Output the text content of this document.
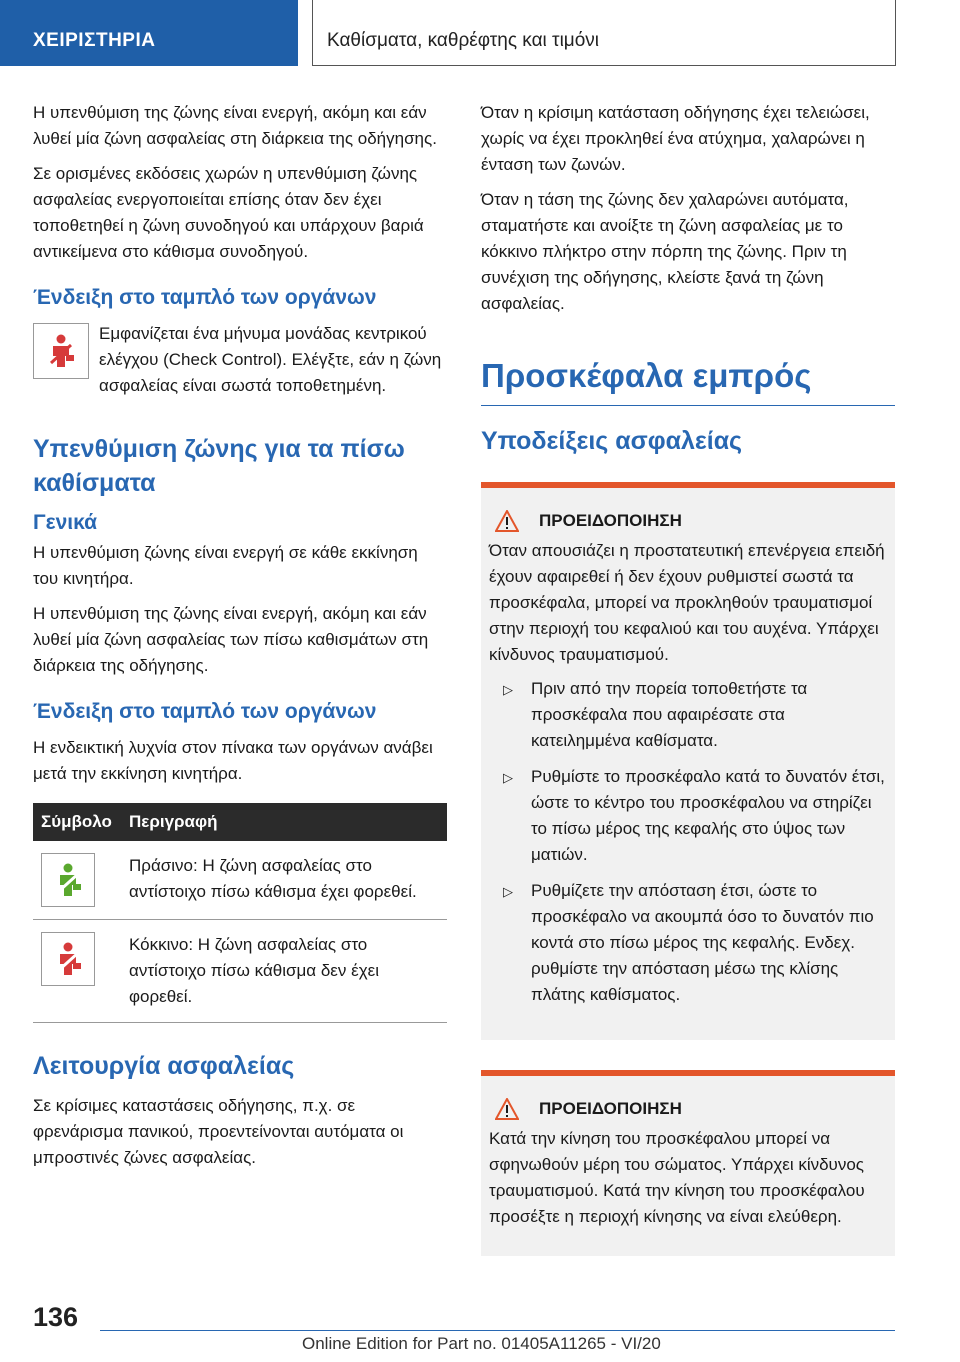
ΧΕΙΡΙΣΤΗΡΙΑ	Καθίσματα, καθρέφτης και τιμόνι

Η υπενθύμιση της ζώνης είναι ενεργή, ακόμη και εάν λυθεί μία ζώνη ασφαλείας στη διάρκεια της οδήγησης.

Σε ορισμένες εκδόσεις χωρών η υπενθύμιση ζώνης ασφαλείας ενεργοποιείται επίσης όταν δεν έχει τοποθετηθεί η ζώνη συνοδηγού και υπάρχουν βαριά αντικείμενα στο κάθισμα συνοδηγού.

Ένδειξη στο ταμπλό των οργάνων

Εμφανίζεται ένα μήνυμα μονάδας κεντρικού ελέγχου (Check Control). Ελέγξτε, εάν η ζώνη ασφαλείας είναι σωστά τοποθετημένη.

Υπενθύμιση ζώνης για τα πίσω καθίσματα
Γενικά

Η υπενθύμιση ζώνης είναι ενεργή σε κάθε εκκίνηση του κινητήρα.

Η υπενθύμιση της ζώνης είναι ενεργή, ακόμη και εάν λυθεί μία ζώνη ασφαλείας των πίσω καθισμάτων στη διάρκεια της οδήγησης.

Ένδειξη στο ταμπλό των οργάνων

Η ενδεικτική λυχνία στον πίνακα των οργάνων ανάβει μετά την εκκίνηση κινητήρα.

Σύμβολο	Περιγραφή

	Πράσινο: Η ζώνη ασφαλείας στο αντίστοιχο πίσω κάθισμα έχει φορεθεί.

	Κόκκινο: Η ζώνη ασφαλείας στο αντίστοιχο πίσω κάθισμα δεν έχει φορεθεί.
Λειτουργία ασφαλείας

Σε κρίσιμες καταστάσεις οδήγησης, π.χ. σε φρενάρισμα πανικού, προεντείνονται αυτόματα οι μπροστινές ζώνες ασφαλείας.

Όταν η κρίσιμη κατάσταση οδήγησης έχει τελειώσει, χωρίς να έχει προκληθεί ένα ατύχημα, χαλαρώνει η ένταση των ζωνών.

Όταν η τάση της ζώνης δεν χαλαρώνει αυτόματα, σταματήστε και ανοίξτε τη ζώνη ασφαλείας με το κόκκινο πλήκτρο στην πόρπη της ζώνης. Πριν τη συνέχιση της οδήγησης, κλείστε ξανά τη ζώνη ασφαλείας.

Προσκέφαλα εμπρός
Υποδείξεις ασφαλείας
ΠΡΟΕΙΔΟΠΟΙΗΣΗ

Όταν απουσιάζει η προστατευτική επενέργεια επειδή έχουν αφαιρεθεί ή δεν έχουν ρυθμιστεί σωστά τα προσκέφαλα, μπορεί να προκληθούν τραυματισμοί στην περιοχή του κεφαλιού και του αυχένα. Υπάρχει κίνδυνος τραυματισμού.

▷ Πριν από την πορεία τοποθετήστε τα προσκέφαλα που αφαιρέσατε στα κατειλημμένα καθίσματα.
▷ Ρυθμίστε το προσκέφαλο κατά το δυνατόν έτσι, ώστε το κέντρο του προσκέφαλου να στηρίζει το πίσω μέρος της κεφαλής στο ύψος των ματιών.
▷ Ρυθμίζετε την απόσταση έτσι, ώστε το προσκέφαλο να ακουμπά όσο το δυνατόν πιο κοντά στο πίσω μέρος της κεφαλής. Ενδεχ. ρυθμίστε την απόσταση μέσω της κλίσης πλάτης καθίσματος.
ΠΡΟΕΙΔΟΠΟΙΗΣΗ

Κατά την κίνηση του προσκέφαλου μπορεί να σφηνωθούν μέρη του σώματος. Υπάρχει κίνδυνος τραυματισμού. Κατά την κίνηση του προσκέφαλου προσέξτε η περιοχή κίνησης να είναι ελεύθερη.

136
Online Edition for Part no. 01405A11265 - VI/20
